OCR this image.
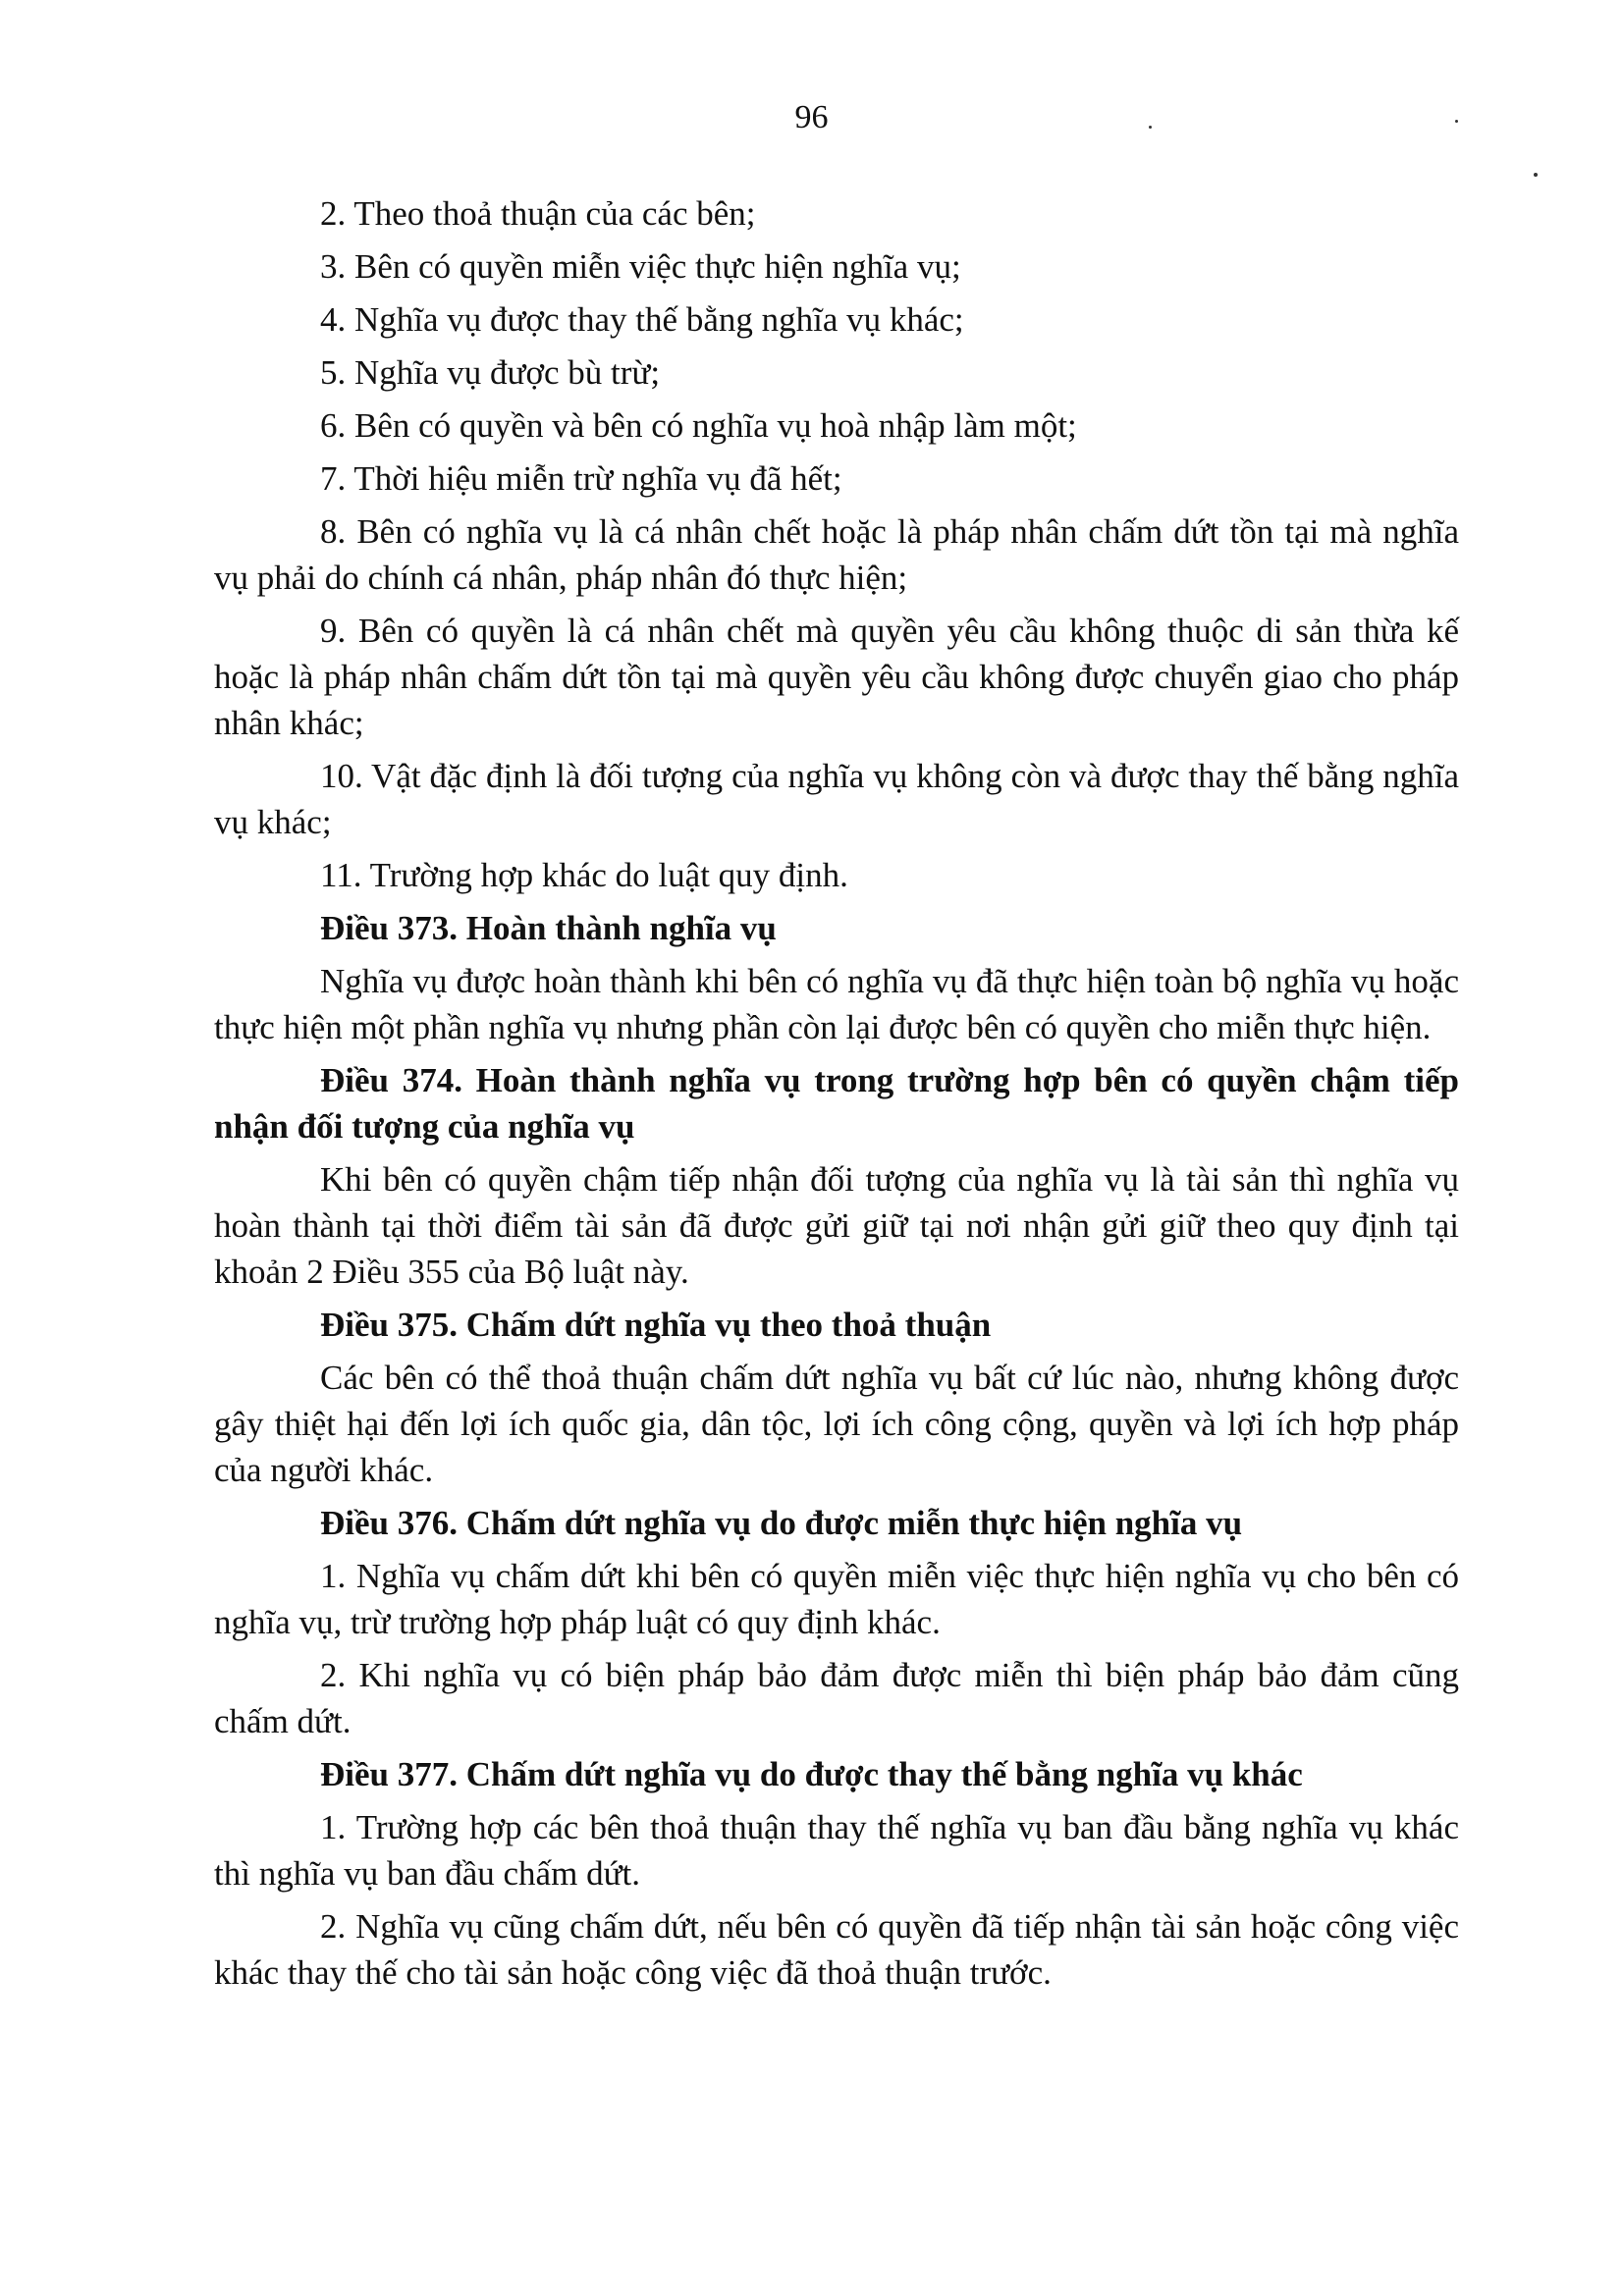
96

2. Theo thoả thuận của các bên;

3. Bên có quyền miễn việc thực hiện nghĩa vụ;

4. Nghĩa vụ được thay thế bằng nghĩa vụ khác;

5. Nghĩa vụ được bù trừ;

6. Bên có quyền và bên có nghĩa vụ hoà nhập làm một;

7. Thời hiệu miễn trừ nghĩa vụ đã hết;

8. Bên có nghĩa vụ là cá nhân chết hoặc là pháp nhân chấm dứt tồn tại mà nghĩa vụ phải do chính cá nhân, pháp nhân đó thực hiện;

9. Bên có quyền là cá nhân chết mà quyền yêu cầu không thuộc di sản thừa kế hoặc là pháp nhân chấm dứt tồn tại mà quyền yêu cầu không được chuyển giao cho pháp nhân khác;

10. Vật đặc định là đối tượng của nghĩa vụ không còn và được thay thế bằng nghĩa vụ khác;

11. Trường hợp khác do luật quy định.

Điều 373. Hoàn thành nghĩa vụ

Nghĩa vụ được hoàn thành khi bên có nghĩa vụ đã thực hiện toàn bộ nghĩa vụ hoặc thực hiện một phần nghĩa vụ nhưng phần còn lại được bên có quyền cho miễn thực hiện.

Điều 374. Hoàn thành nghĩa vụ trong trường hợp bên có quyền chậm tiếp nhận đối tượng của nghĩa vụ

Khi bên có quyền chậm tiếp nhận đối tượng của nghĩa vụ là tài sản thì nghĩa vụ hoàn thành tại thời điểm tài sản đã được gửi giữ tại nơi nhận gửi giữ theo quy định tại khoản 2 Điều 355 của Bộ luật này.

Điều 375. Chấm dứt nghĩa vụ theo thoả thuận

Các bên có thể thoả thuận chấm dứt nghĩa vụ bất cứ lúc nào, nhưng không được gây thiệt hại đến lợi ích quốc gia, dân tộc, lợi ích công cộng, quyền và lợi ích hợp pháp của người khác.

Điều 376. Chấm dứt nghĩa vụ do được miễn thực hiện nghĩa vụ

1. Nghĩa vụ chấm dứt khi bên có quyền miễn việc thực hiện nghĩa vụ cho bên có nghĩa vụ, trừ trường hợp pháp luật có quy định khác.

2. Khi nghĩa vụ có biện pháp bảo đảm được miễn thì biện pháp bảo đảm cũng chấm dứt.

Điều 377. Chấm dứt nghĩa vụ do được thay thế bằng nghĩa vụ khác

1. Trường hợp các bên thoả thuận thay thế nghĩa vụ ban đầu bằng nghĩa vụ khác thì nghĩa vụ ban đầu chấm dứt.

2. Nghĩa vụ cũng chấm dứt, nếu bên có quyền đã tiếp nhận tài sản hoặc công việc khác thay thế cho tài sản hoặc công việc đã thoả thuận trước.
